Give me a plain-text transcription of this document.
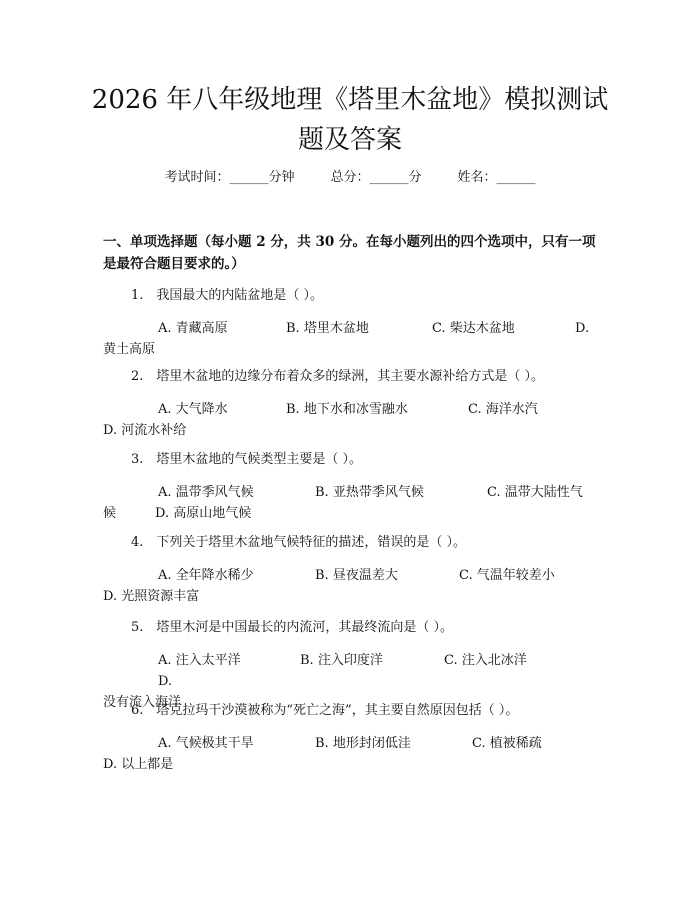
2026 年八年级地理《塔里木盆地》模拟测试
题及答案
考试时间：______分钟	总分：______分	姓名：______
一、单项选择题（每小题 2 分，共 30 分。在每小题列出的四个选项中，只有一项
是最符合题目要求的。）
1.　我国最大的内陆盆地是（ ）。
A. 青藏高原	B. 塔里木盆地	C. 柴达木盆地	D.
黄土高原
2.　塔里木盆地的边缘分布着众多的绿洲，其主要水源补给方式是（ ）。
A. 大气降水	B. 地下水和冰雪融水	C. 海洋水汽
D. 河流水补给
3.　塔里木盆地的气候类型主要是（ ）。
A. 温带季风气候	B. 亚热带季风气候	C. 温带大陆性气
候　　　D. 高原山地气候
4.　下列关于塔里木盆地气候特征的描述，错误的是（ ）。
A. 全年降水稀少	B. 昼夜温差大	C. 气温年较差小
D. 光照资源丰富
5.　塔里木河是中国最长的内流河，其最终流向是（ ）。
A. 注入太平洋	B. 注入印度洋	C. 注入北冰洋D.
没有流入海洋
6.　塔克拉玛干沙漠被称为“死亡之海”，其主要自然原因包括（ ）。
A. 气候极其干旱	B. 地形封闭低洼	C. 植被稀疏
D. 以上都是
